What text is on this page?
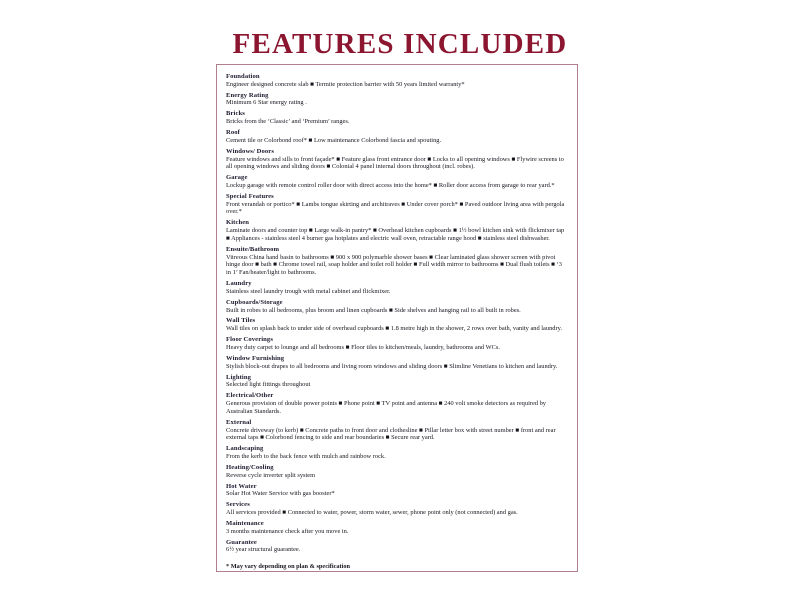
FEATURES INCLUDED
Foundation
Engineer designed concrete slab ■ Termite protection barrier with 50 years limited warranty*
Energy Rating
Minimum 6 Star energy rating .
Bricks
Bricks from the ‘Classic’ and ‘Premium’ ranges.
Roof
Cement tile or Colorbond roof* ■ Low maintenance Colorbond fascia and spouting.
Windows/ Doors
Feature windows and sills to front façade* ■ Feature glass front entrance door ■ Locks to all opening windows ■ Flywire screens to all opening windows and sliding doors ■ Colonial 4 panel internal doors throughout (incl. robes).
Garage
Lockup garage with remote control roller door with direct access into the home* ■ Roller door access from garage to rear yard.*
Special Features
Front verandah or portico* ■ Lambs tongue skirting and architraves ■ Under cover porch* ■ Paved outdoor living area with pergola over.*
Kitchen
Laminate doors and counter top ■ Large walk-in pantry* ■ Overhead kitchen cupboards ■ 1½ bowl kitchen sink with flickmixer tap ■ Appliances - stainless steel 4 burner gas hotplates and electric wall oven, retractable range hood ■ stainless steel dishwasher.
Ensuite/Bathroom
Vitreous China hand basin to bathrooms ■ 900 x 900 polymarble shower bases ■ Clear laminated glass shower screen with pivot hinge door ■ bath ■ Chrome towel rail, soap holder and toilet roll holder ■ Full width mirror to bathrooms ■ Dual flush toilets ■ ‘3 in 1’ Fan/heater/light to bathrooms.
Laundry
Stainless steel laundry trough with metal cabinet and flickmixer.
Cupboards/Storage
Built in robes to all bedrooms, plus broom and linen cupboards ■ Side shelves and hanging rail to all built in robes.
Wall Tiles
Wall tiles on splash back to under side of overhead cupboards ■ 1.8 metre high in the shower, 2 rows over bath, vanity and laundry.
Floor Coverings
Heavy duty carpet to lounge and all bedrooms ■ Floor tiles to kitchen/meals, laundry, bathrooms and WCs.
Window Furnishing
Stylish block-out drapes to all bedrooms and living room windows and sliding doors ■ Slimline Venetians to kitchen and laundry.
Lighting
Selected light fittings throughout
Electrical/Other
Generous provision of double power points ■ Phone point ■ TV point and antenna ■ 240 volt smoke detectors as required by Australian Standards.
External
Concrete driveway (to kerb) ■ Concrete paths to front door and clothesline ■ Pillar letter box with street number ■ front and rear external taps ■ Colorbond fencing to side and rear boundaries ■ Secure rear yard.
Landscaping
From the kerb to the back fence with mulch and rainbow rock.
Heating/Cooling
Reverse cycle inverter split system
Hot Water
Solar Hot Water Service with gas booster*
Services
All services provided ■ Connected to water, power, storm water, sewer, phone point only (not connected) and gas.
Maintenance
3 months maintenance check after you move in.
Guarantee
6½ year structural guarantee.
* May vary depending on plan & specification
